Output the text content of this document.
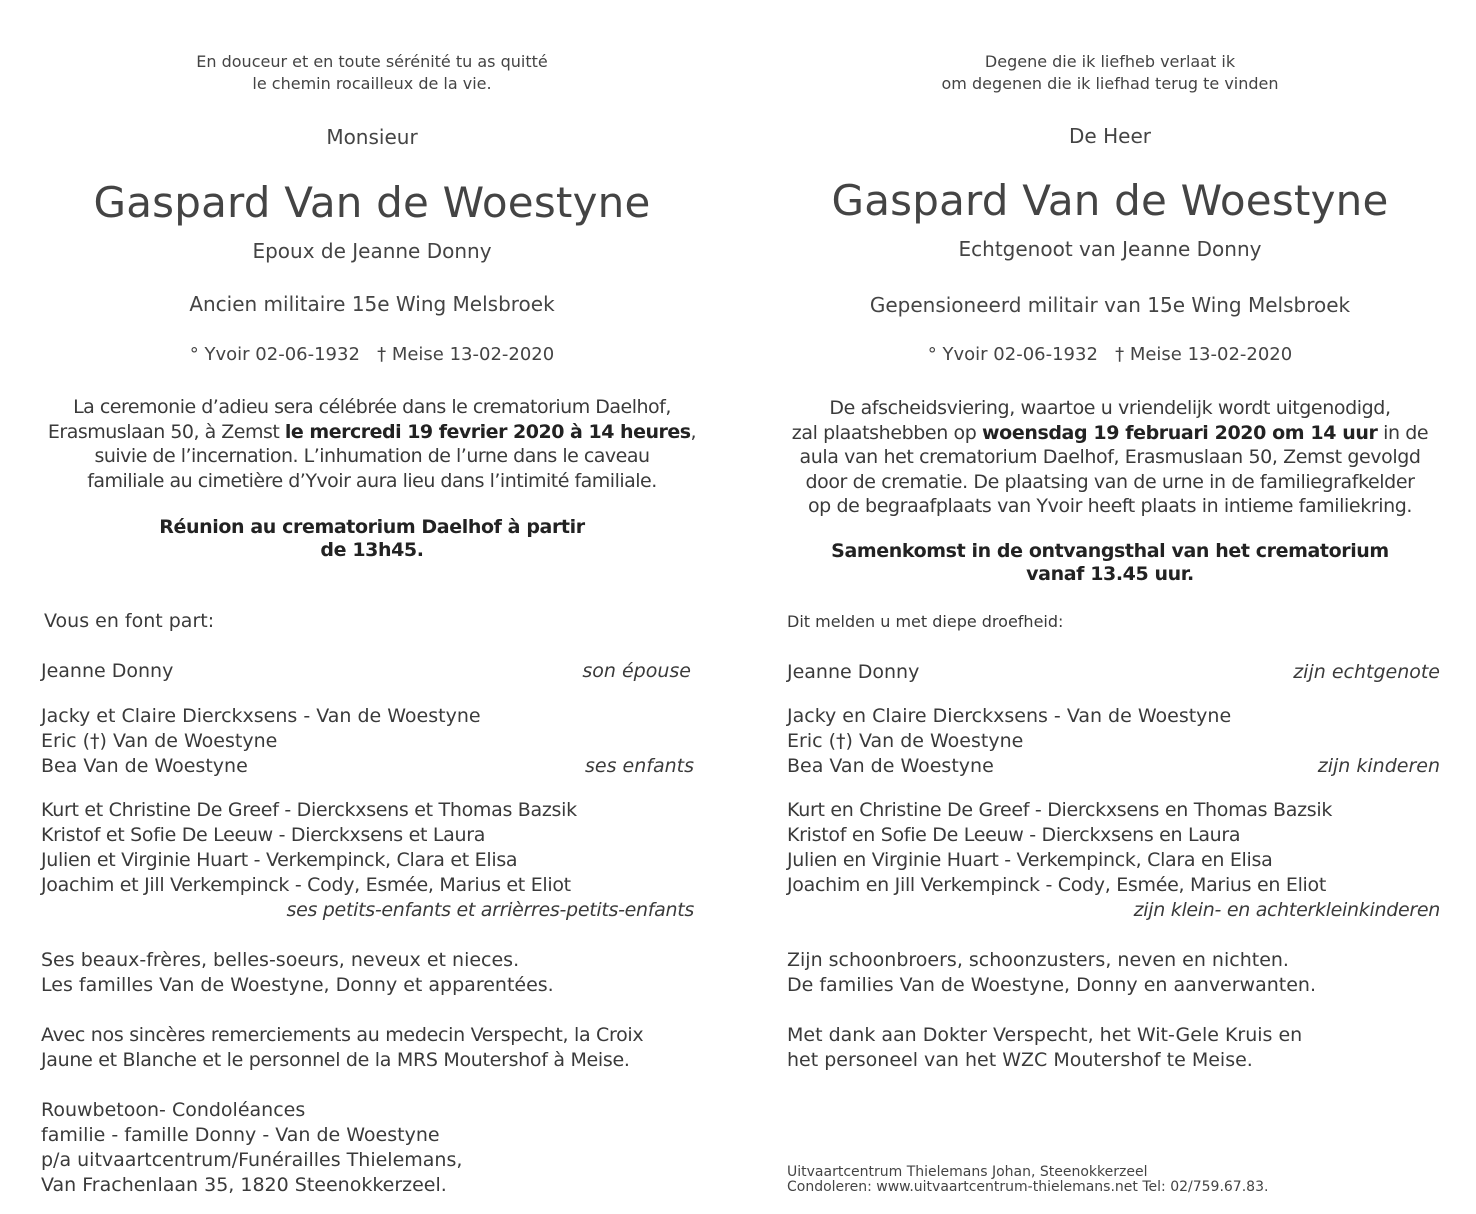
En douceur et en toute sérénité tu as quitté
le chemin rocailleux de la vie.
Monsieur
Gaspard Van de Woestyne
Epoux de Jeanne Donny
Ancien militaire 15e Wing Melsbroek
° Yvoir 02-06-1932 † Meise 13-02-2020
La ceremonie d’adieu sera célébrée dans le crematorium Daelhof,
Erasmuslaan 50, à Zemst le mercredi 19 fevrier 2020 à 14 heures,
suivie de l’incernation. L’inhumation de l’urne dans le caveau
familiale au cimetière d’Yvoir aura lieu dans l’intimité familiale.
Réunion au crematorium Daelhof à partir
de 13h45.
Vous en font part:
Jeanne Donny	son épouse
Jacky et Claire Dierckxsens - Van de Woestyne
Eric (†) Van de Woestyne
Bea Van de Woestyne	ses enfants
Kurt et Christine De Greef - Dierckxsens et Thomas Bazsik
Kristof et Sofie De Leeuw - Dierckxsens et Laura
Julien et Virginie Huart - Verkempinck, Clara et Elisa
Joachim et Jill Verkempinck - Cody, Esmée, Marius et Eliot
ses petits-enfants et arrièrres-petits-enfants
Ses beaux-frères, belles-soeurs, neveux et nieces.
Les familles Van de Woestyne, Donny et apparentées.
Avec nos sincères remerciements au medecin Verspecht, la Croix
Jaune et Blanche et le personnel de la MRS Moutershof à Meise.
Rouwbetoon- Condoléances
familie - famille Donny - Van de Woestyne
p/a uitvaartcentrum/Funérailles Thielemans,
Van Frachenlaan 35, 1820 Steenokkerzeel.
Degene die ik liefheb verlaat ik
om degenen die ik liefhad terug te vinden
De Heer
Gaspard Van de Woestyne
Echtgenoot van Jeanne Donny
Gepensioneerd militair van 15e Wing Melsbroek
° Yvoir 02-06-1932 † Meise 13-02-2020
De afscheidsviering, waartoe u vriendelijk wordt uitgenodigd,
zal plaatshebben op woensdag 19 februari 2020 om 14 uur in de
aula van het crematorium Daelhof, Erasmuslaan 50, Zemst gevolgd
door de crematie. De plaatsing van de urne in de familiegrafkelder
op de begraafplaats van Yvoir heeft plaats in intieme familiekring.
Samenkomst in de ontvangsthal van het crematorium
vanaf 13.45 uur.
Dit melden u met diepe droefheid:
Jeanne Donny	zijn echtgenote
Jacky en Claire Dierckxsens - Van de Woestyne
Eric (†) Van de Woestyne
Bea Van de Woestyne	zijn kinderen
Kurt en Christine De Greef - Dierckxsens en Thomas Bazsik
Kristof en Sofie De Leeuw - Dierckxsens en Laura
Julien en Virginie Huart - Verkempinck, Clara en Elisa
Joachim en Jill Verkempinck - Cody, Esmée, Marius en Eliot
zijn klein- en achterkleinkinderen
Zijn schoonbroers, schoonzusters, neven en nichten.
De families Van de Woestyne, Donny en aanverwanten.
Met dank aan Dokter Verspecht, het Wit-Gele Kruis en
het personeel van het WZC Moutershof te Meise.
Uitvaartcentrum Thielemans Johan, Steenokkerzeel
Condoleren: www.uitvaartcentrum-thielemans.net Tel: 02/759.67.83.
